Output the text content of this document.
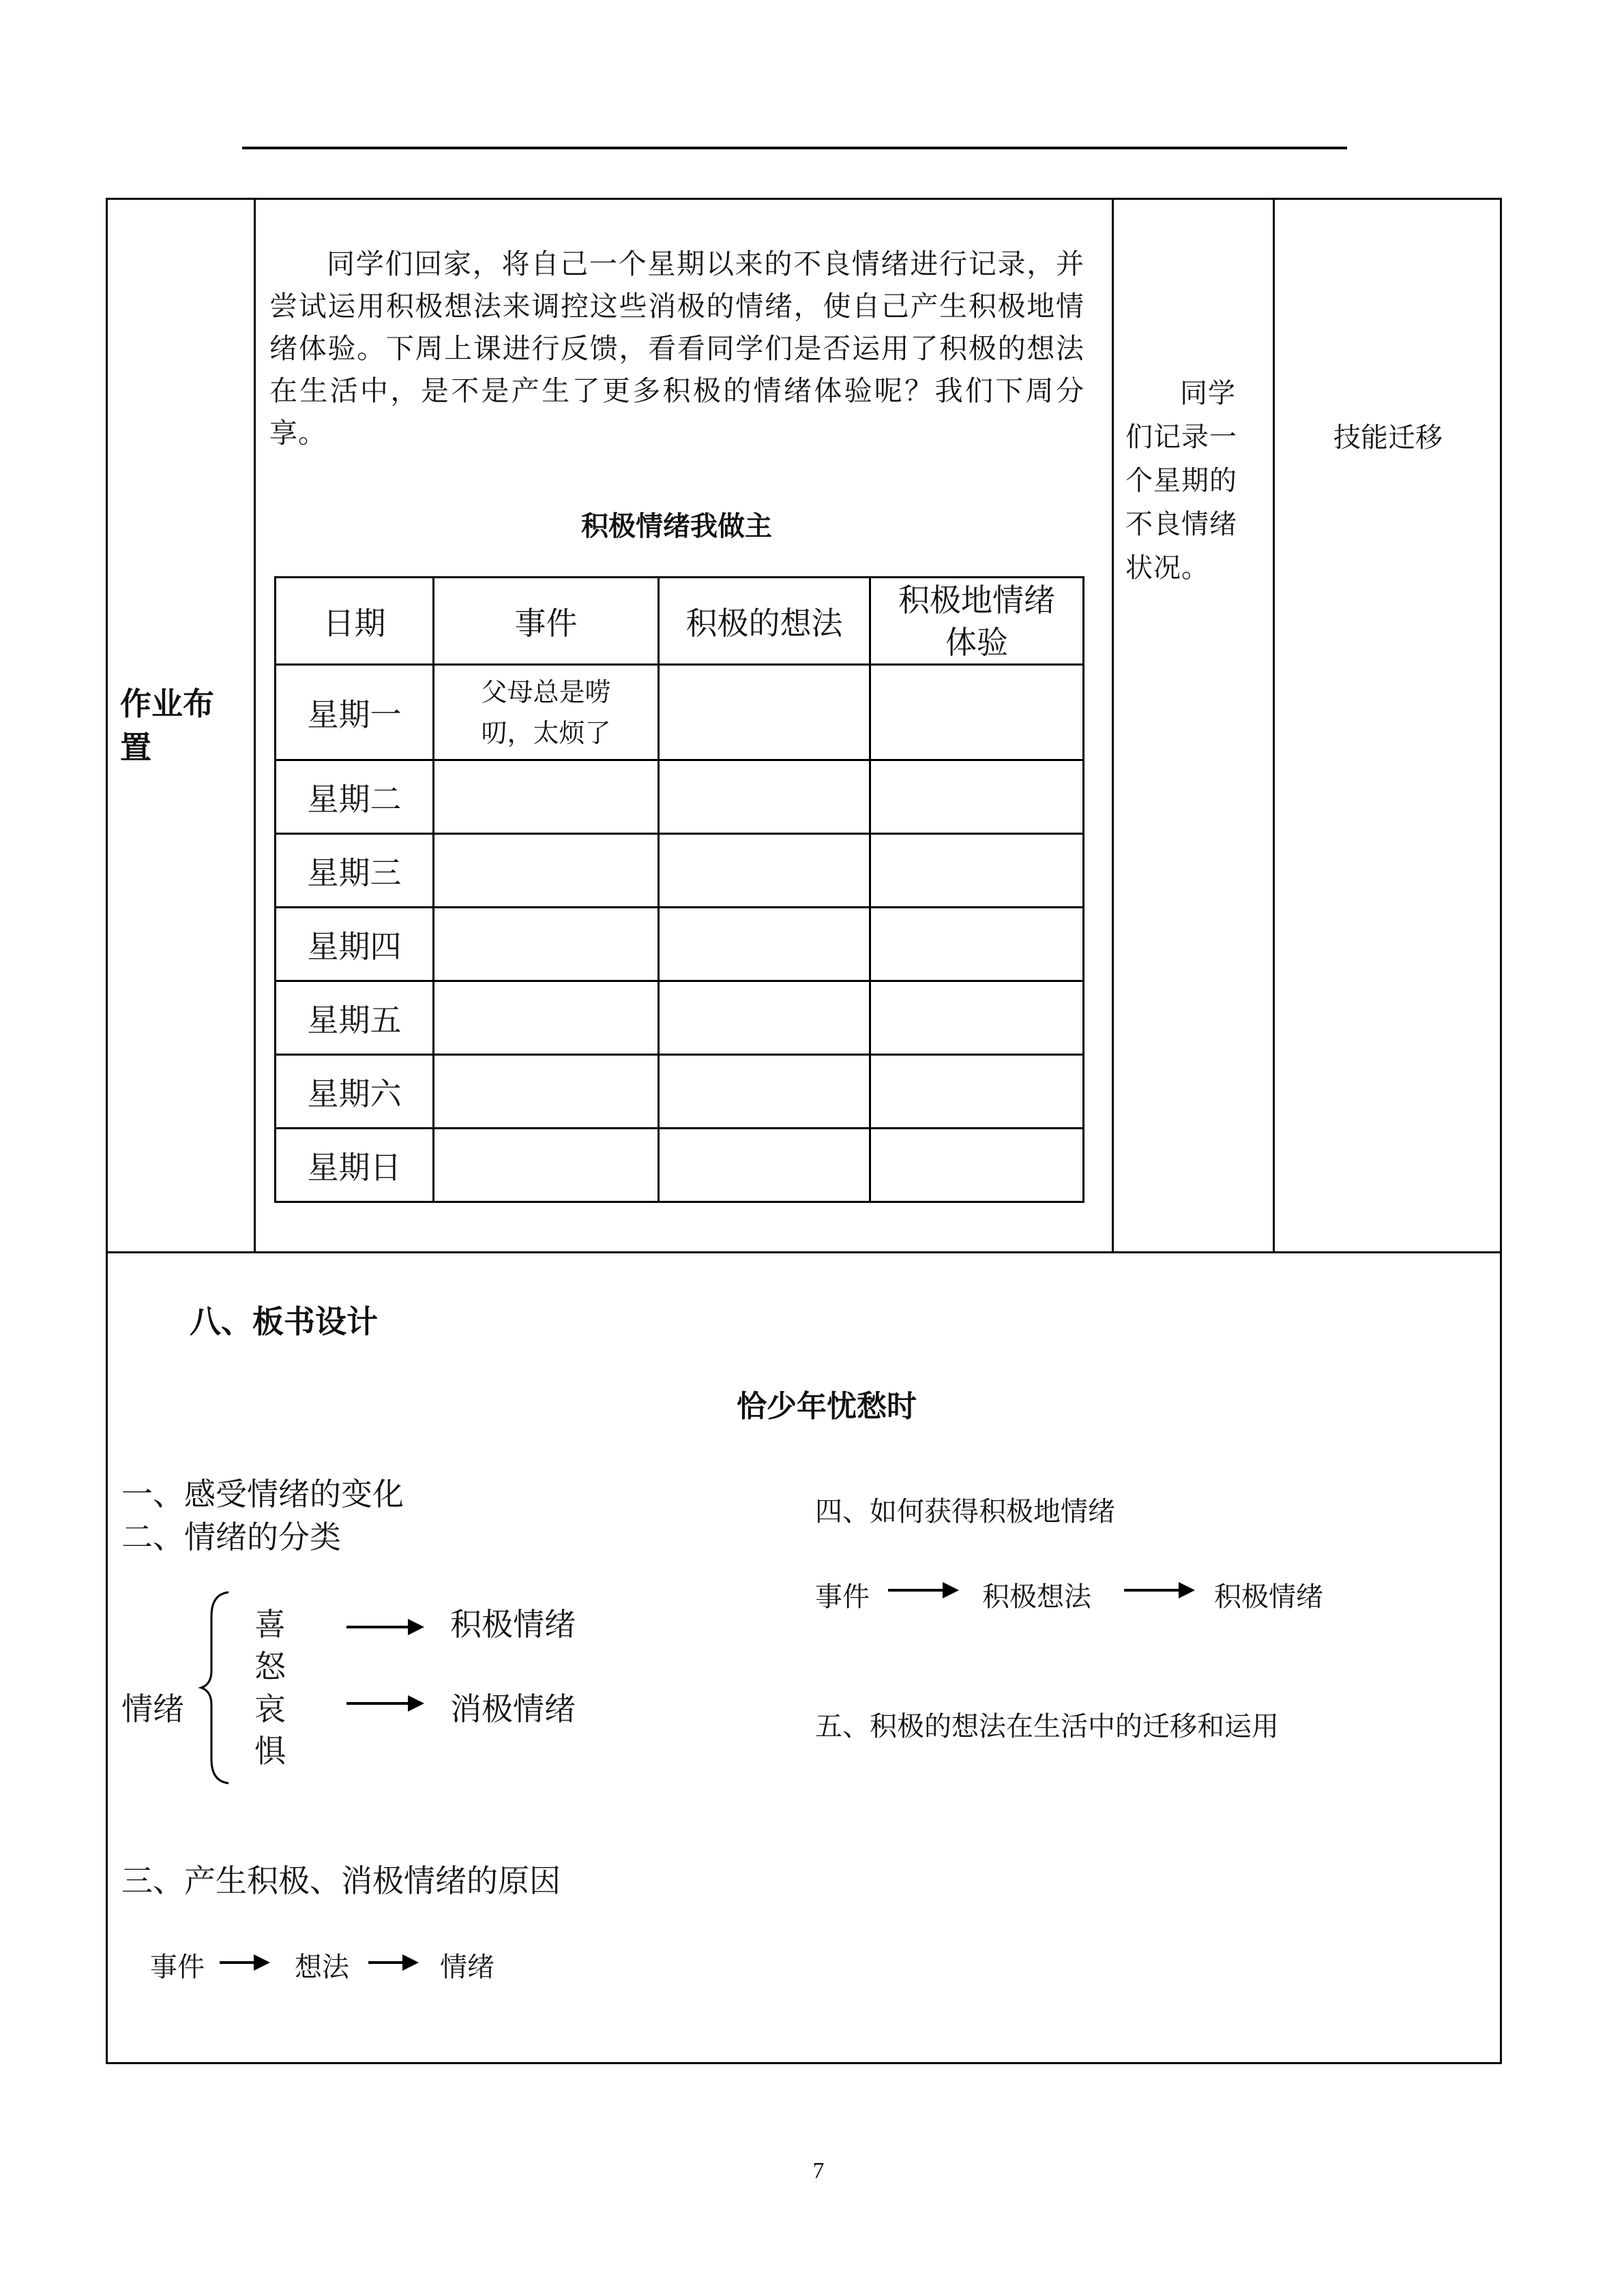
作业布置
同学们回家，将自己一个星期以来的不良情绪进行记录，并尝试运用积极想法来调控这些消极的情绪，使自己产生积极地情绪体验。下周上课进行反馈，看看同学们是否运用了积极的想法在生活中，是不是产生了更多积极的情绪体验呢？我们下周分享。
积极情绪我做主
日期	事件	积极的想法	积极地情绪体验
星期一	父母总是唠叨，太烦了		
星期二			
星期三			
星期四			
星期五			
星期六			
星期日			
同学们记录一个星期的不良情绪状况。
技能迁移
八、板书设计
恰少年忧愁时
一、感受情绪的变化
二、情绪的分类
情绪
喜
怒
哀
惧
积极情绪
消极情绪
三、产生积极、消极情绪的原因
事件	想法	情绪
四、如何获得积极地情绪
事件	积极想法	积极情绪
五、积极的想法在生活中的迁移和运用
7
